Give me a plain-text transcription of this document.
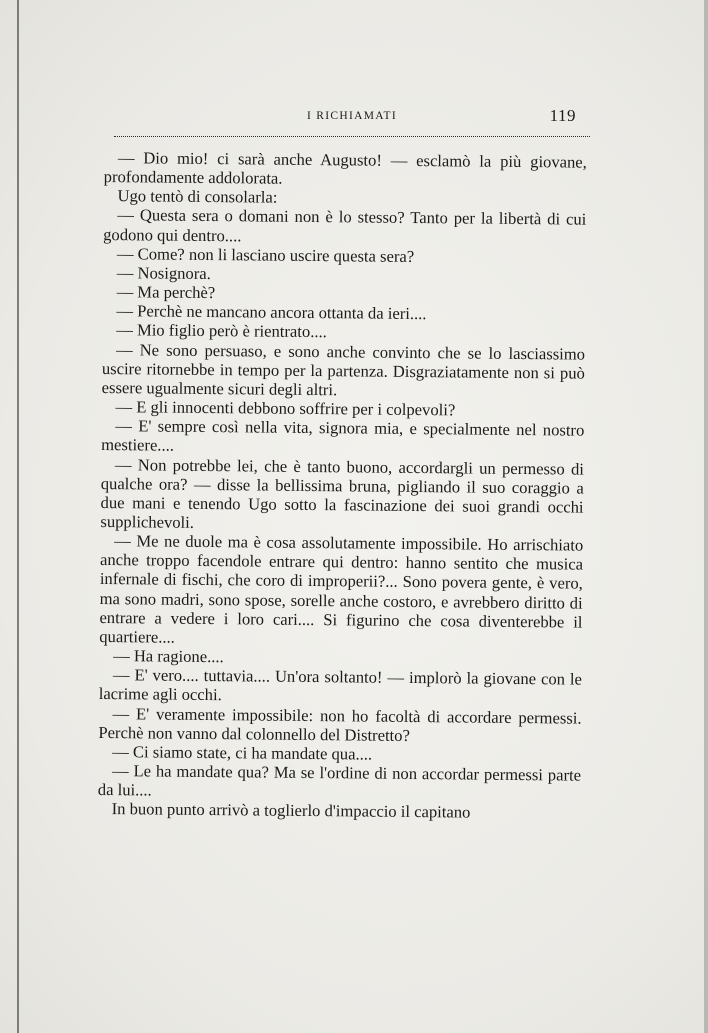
I RICHIAMATI	119

— Dio mio! ci sarà anche Augusto! — esclamò la più giovane, profondamente addolorata.

Ugo tentò di consolarla:

— Questa sera o domani non è lo stesso? Tanto per la libertà di cui godono qui dentro....

— Come? non li lasciano uscire questa sera?

— Nosignora.

— Ma perchè?

— Perchè ne mancano ancora ottanta da ieri....

— Mio figlio però è rientrato....

— Ne sono persuaso, e sono anche convinto che se lo lasciassimo uscire ritornebbe in tempo per la partenza. Disgraziatamente non si può essere ugualmente sicuri degli altri.

— E gli innocenti debbono soffrire per i colpevoli?

— E' sempre così nella vita, signora mia, e specialmente nel nostro mestiere....

— Non potrebbe lei, che è tanto buono, accordargli un permesso di qualche ora? — disse la bellissima bruna, pigliando il suo coraggio a due mani e tenendo Ugo sotto la fascinazione dei suoi grandi occhi supplichevoli.

— Me ne duole ma è cosa assolutamente impossibile. Ho arrischiato anche troppo facendole entrare qui dentro: hanno sentito che musica infernale di fischi, che coro di improperii?... Sono povera gente, è vero, ma sono madri, sono spose, sorelle anche costoro, e avrebbero diritto di entrare a vedere i loro cari.... Si figurino che cosa diventerebbe il quartiere....

— Ha ragione....

— E' vero.... tuttavia.... Un'ora soltanto! — implorò la giovane con le lacrime agli occhi.

— E' veramente impossibile: non ho facoltà di accordare permessi. Perchè non vanno dal colonnello del Distretto?

— Ci siamo state, ci ha mandate qua....

— Le ha mandate qua? Ma se l'ordine di non accordar permessi parte da lui....

In buon punto arrivò a toglierlo d'impaccio il capitano
